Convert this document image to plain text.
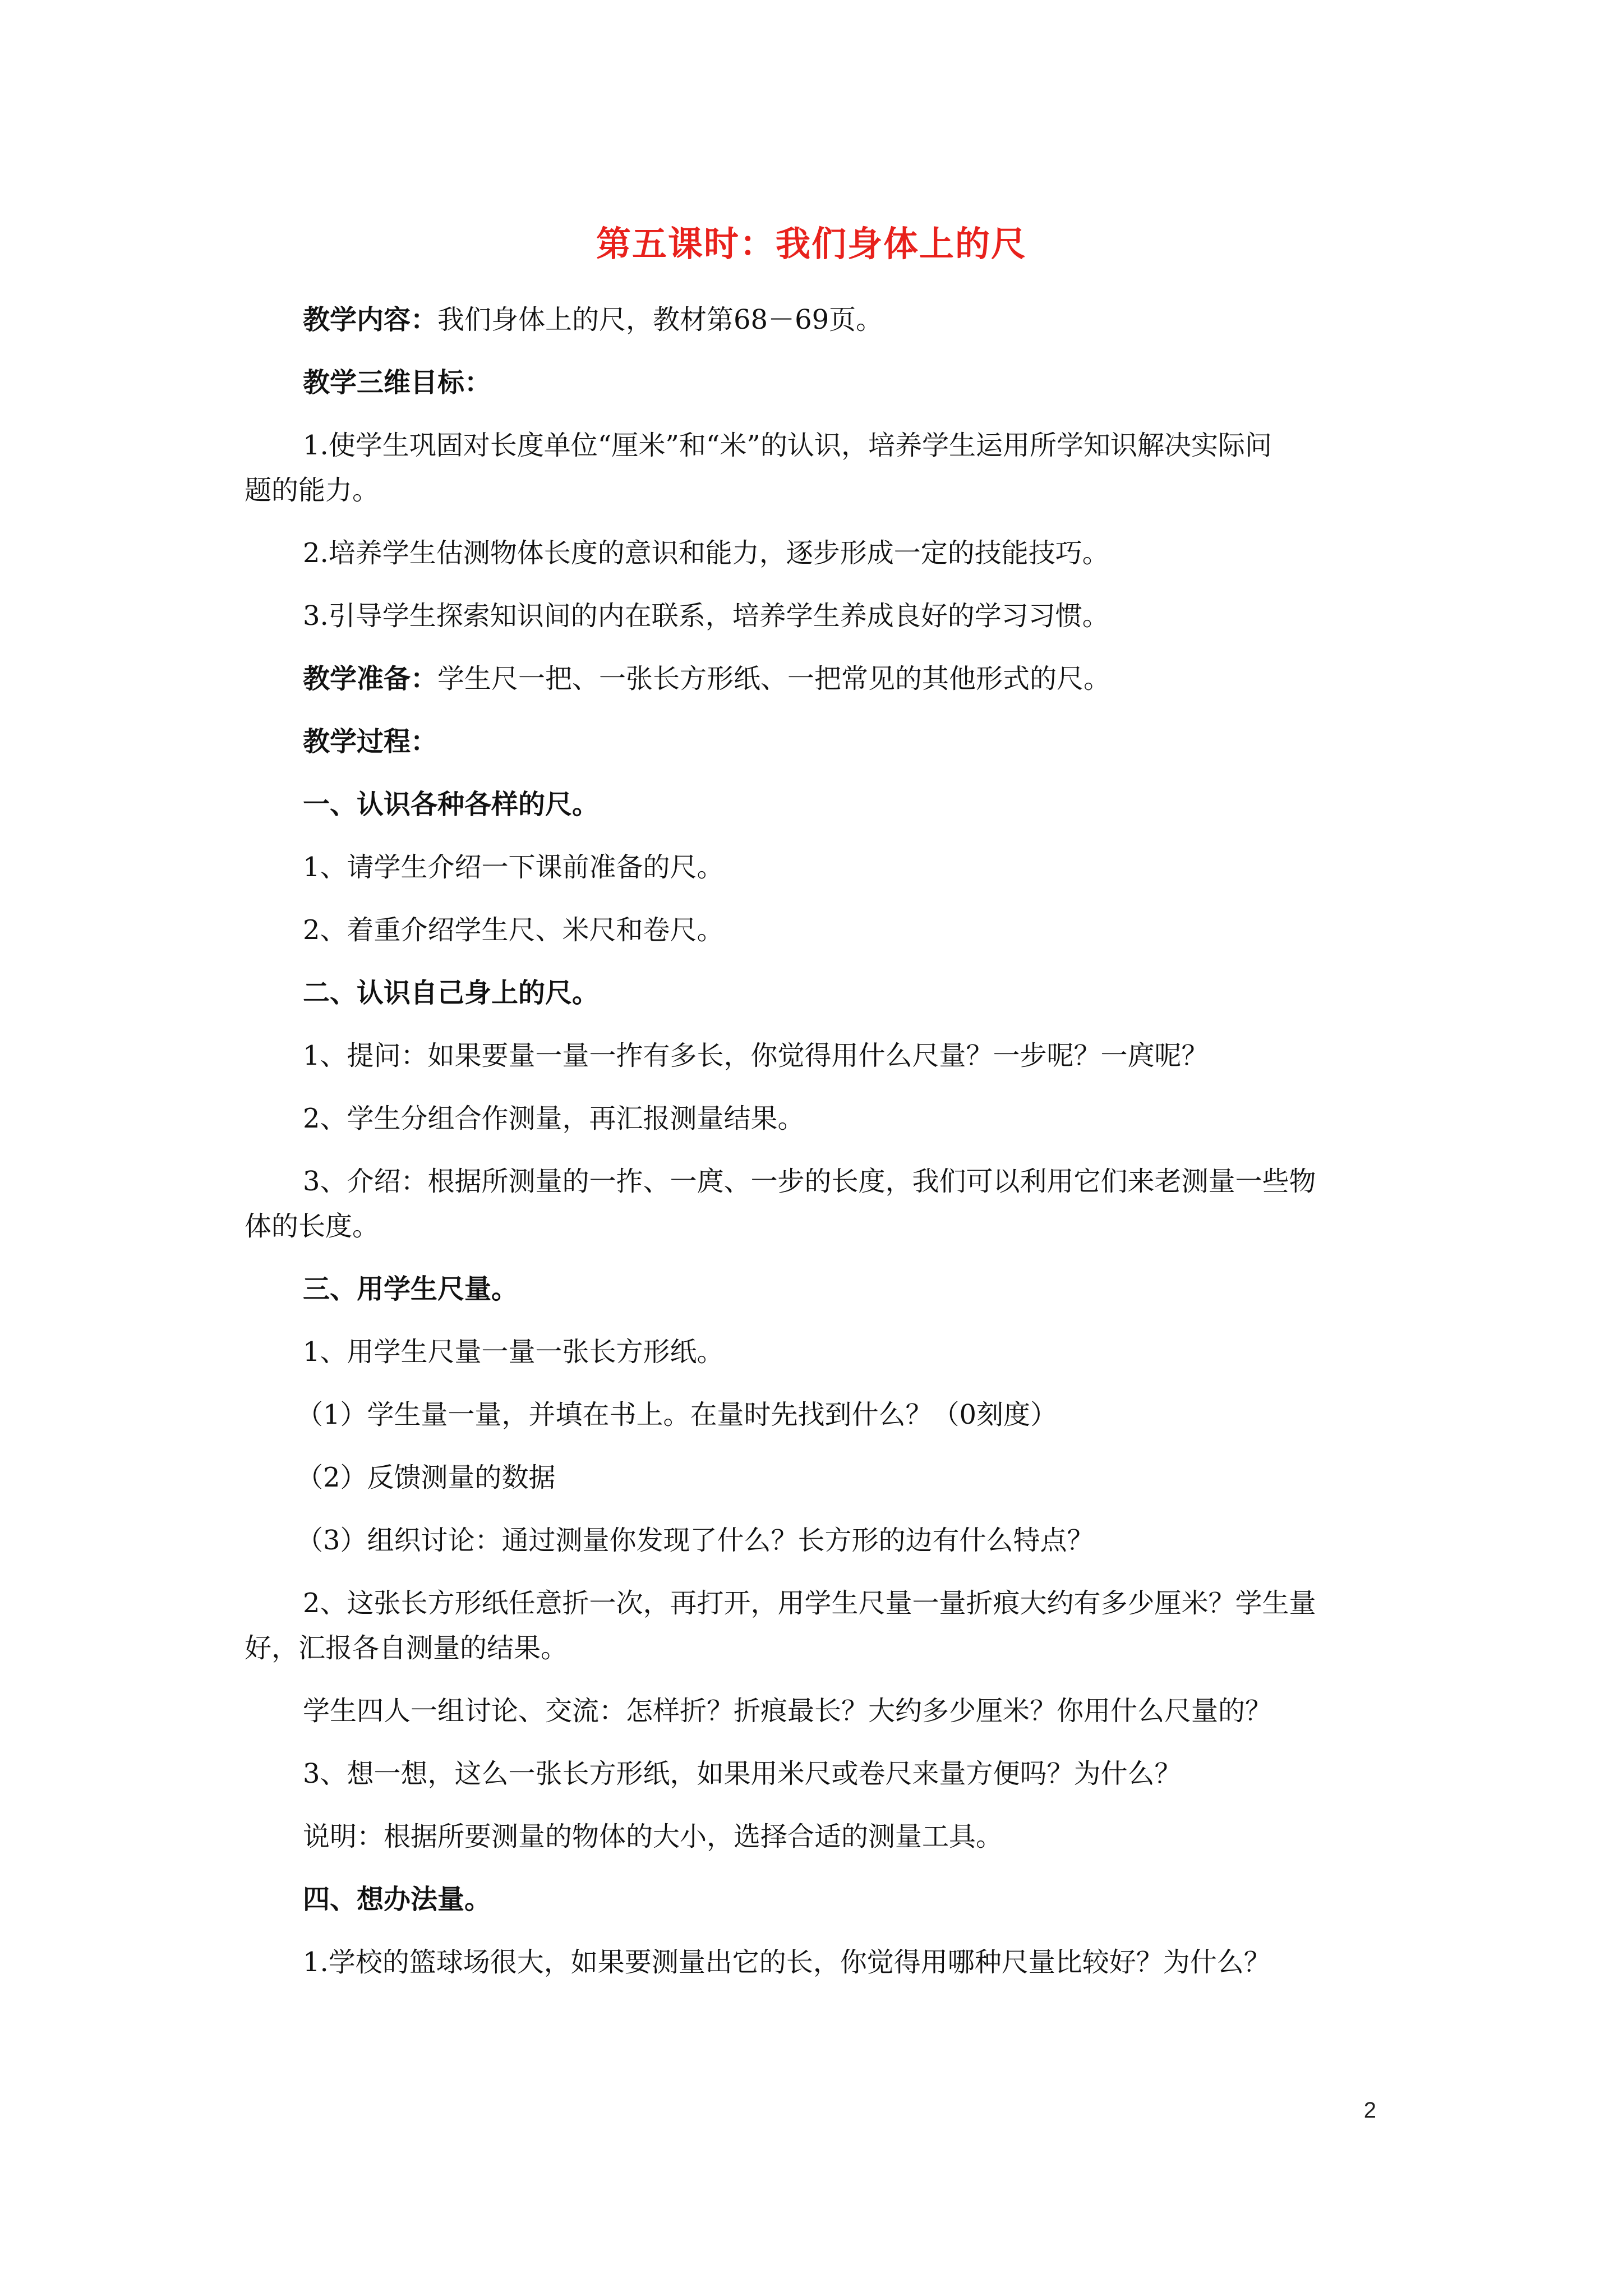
第五课时：我们身体上的尺
教学内容：我们身体上的尺，教材第68－69页。
教学三维目标：
1.使学生巩固对长度单位“厘米”和“米”的认识，培养学生运用所学知识解决实际问
题的能力。
2.培养学生估测物体长度的意识和能力，逐步形成一定的技能技巧。
3.引导学生探索知识间的内在联系，培养学生养成良好的学习习惯。
教学准备：学生尺一把、一张长方形纸、一把常见的其他形式的尺。
教学过程：
一、认识各种各样的尺。
1、请学生介绍一下课前准备的尺。
2、着重介绍学生尺、米尺和卷尺。
二、认识自己身上的尺。
1、提问：如果要量一量一拃有多长，你觉得用什么尺量？一步呢？一庹呢？
2、学生分组合作测量，再汇报测量结果。
3、介绍：根据所测量的一拃、一庹、一步的长度，我们可以利用它们来老测量一些物
体的长度。
三、用学生尺量。
1、用学生尺量一量一张长方形纸。
（1）学生量一量，并填在书上。在量时先找到什么？（0刻度）
（2）反馈测量的数据
（3）组织讨论：通过测量你发现了什么？长方形的边有什么特点？
2、这张长方形纸任意折一次，再打开，用学生尺量一量折痕大约有多少厘米？学生量
好，汇报各自测量的结果。
学生四人一组讨论、交流：怎样折？折痕最长？大约多少厘米？你用什么尺量的？
3、想一想，这么一张长方形纸，如果用米尺或卷尺来量方便吗？为什么？
说明：根据所要测量的物体的大小，选择合适的测量工具。
四、想办法量。
1.学校的篮球场很大，如果要测量出它的长，你觉得用哪种尺量比较好？为什么？
2
